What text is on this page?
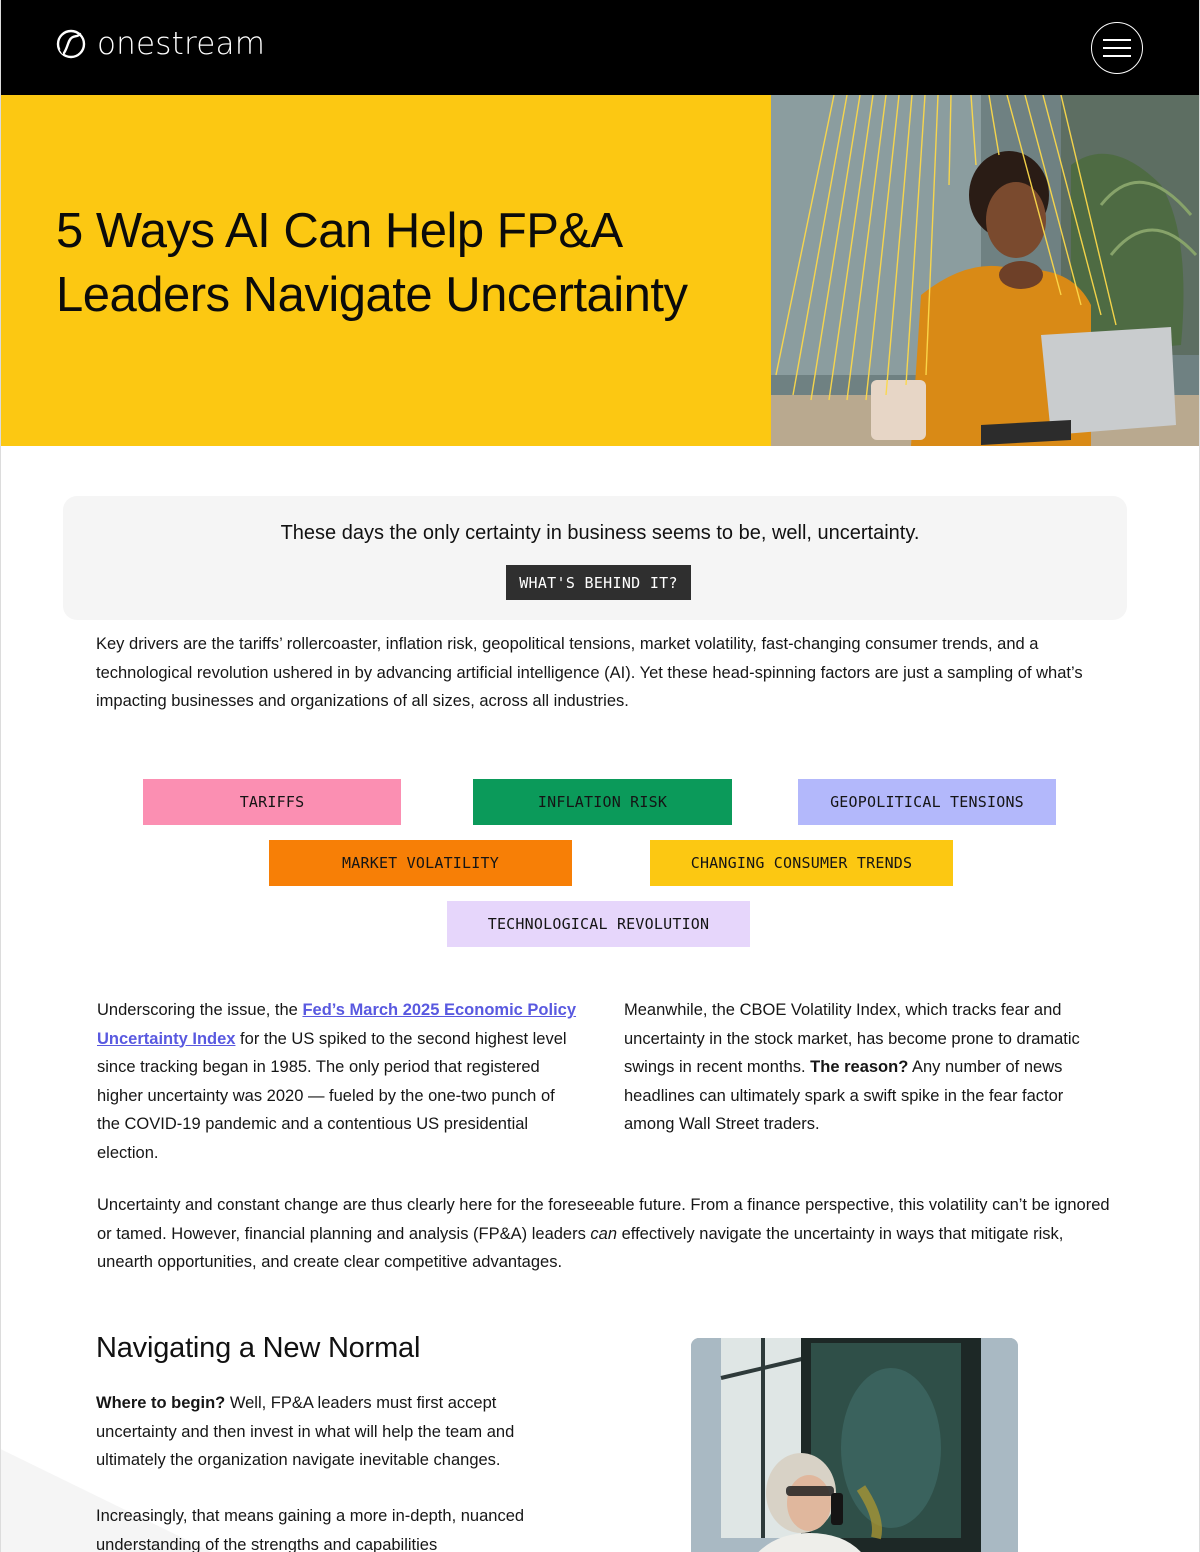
onestream
5 Ways AI Can Help FP&A
Leaders Navigate Uncertainty

These days the only certainty in business seems to be, well, uncertainty.

WHAT'S BEHIND IT?

Key drivers are the tariffs’ rollercoaster, inflation risk, geopolitical tensions, market volatility, fast-changing consumer trends, and a technological revolution ushered in by advancing artificial intelligence (AI). Yet these head-spinning factors are just a sampling of what’s impacting businesses and organizations of all sizes, across all industries.

TARIFFS	INFLATION RISK	GEOPOLITICAL TENSIONS
MARKET VOLATILITY	CHANGING CONSUMER TRENDS
TECHNOLOGICAL REVOLUTION

Underscoring the issue, the Fed’s March 2025 Economic Policy Uncertainty Index for the US spiked to the second highest level since tracking began in 1985. The only period that registered higher uncertainty was 2020 — fueled by the one-two punch of the COVID-19 pandemic and a contentious US presidential election.

Meanwhile, the CBOE Volatility Index, which tracks fear and uncertainty in the stock market, has become prone to dramatic swings in recent months. The reason? Any number of news headlines can ultimately spark a swift spike in the fear factor among Wall Street traders.

Uncertainty and constant change are thus clearly here for the foreseeable future. From a finance perspective, this volatility can’t be ignored or tamed. However, financial planning and analysis (FP&A) leaders can effectively navigate the uncertainty in ways that mitigate risk, unearth opportunities, and create clear competitive advantages.

Navigating a New Normal

Where to begin? Well, FP&A leaders must first accept uncertainty and then invest in what will help the team and ultimately the organization navigate inevitable changes.

Increasingly, that means gaining a more in-depth, nuanced understanding of the strengths and capabilities
